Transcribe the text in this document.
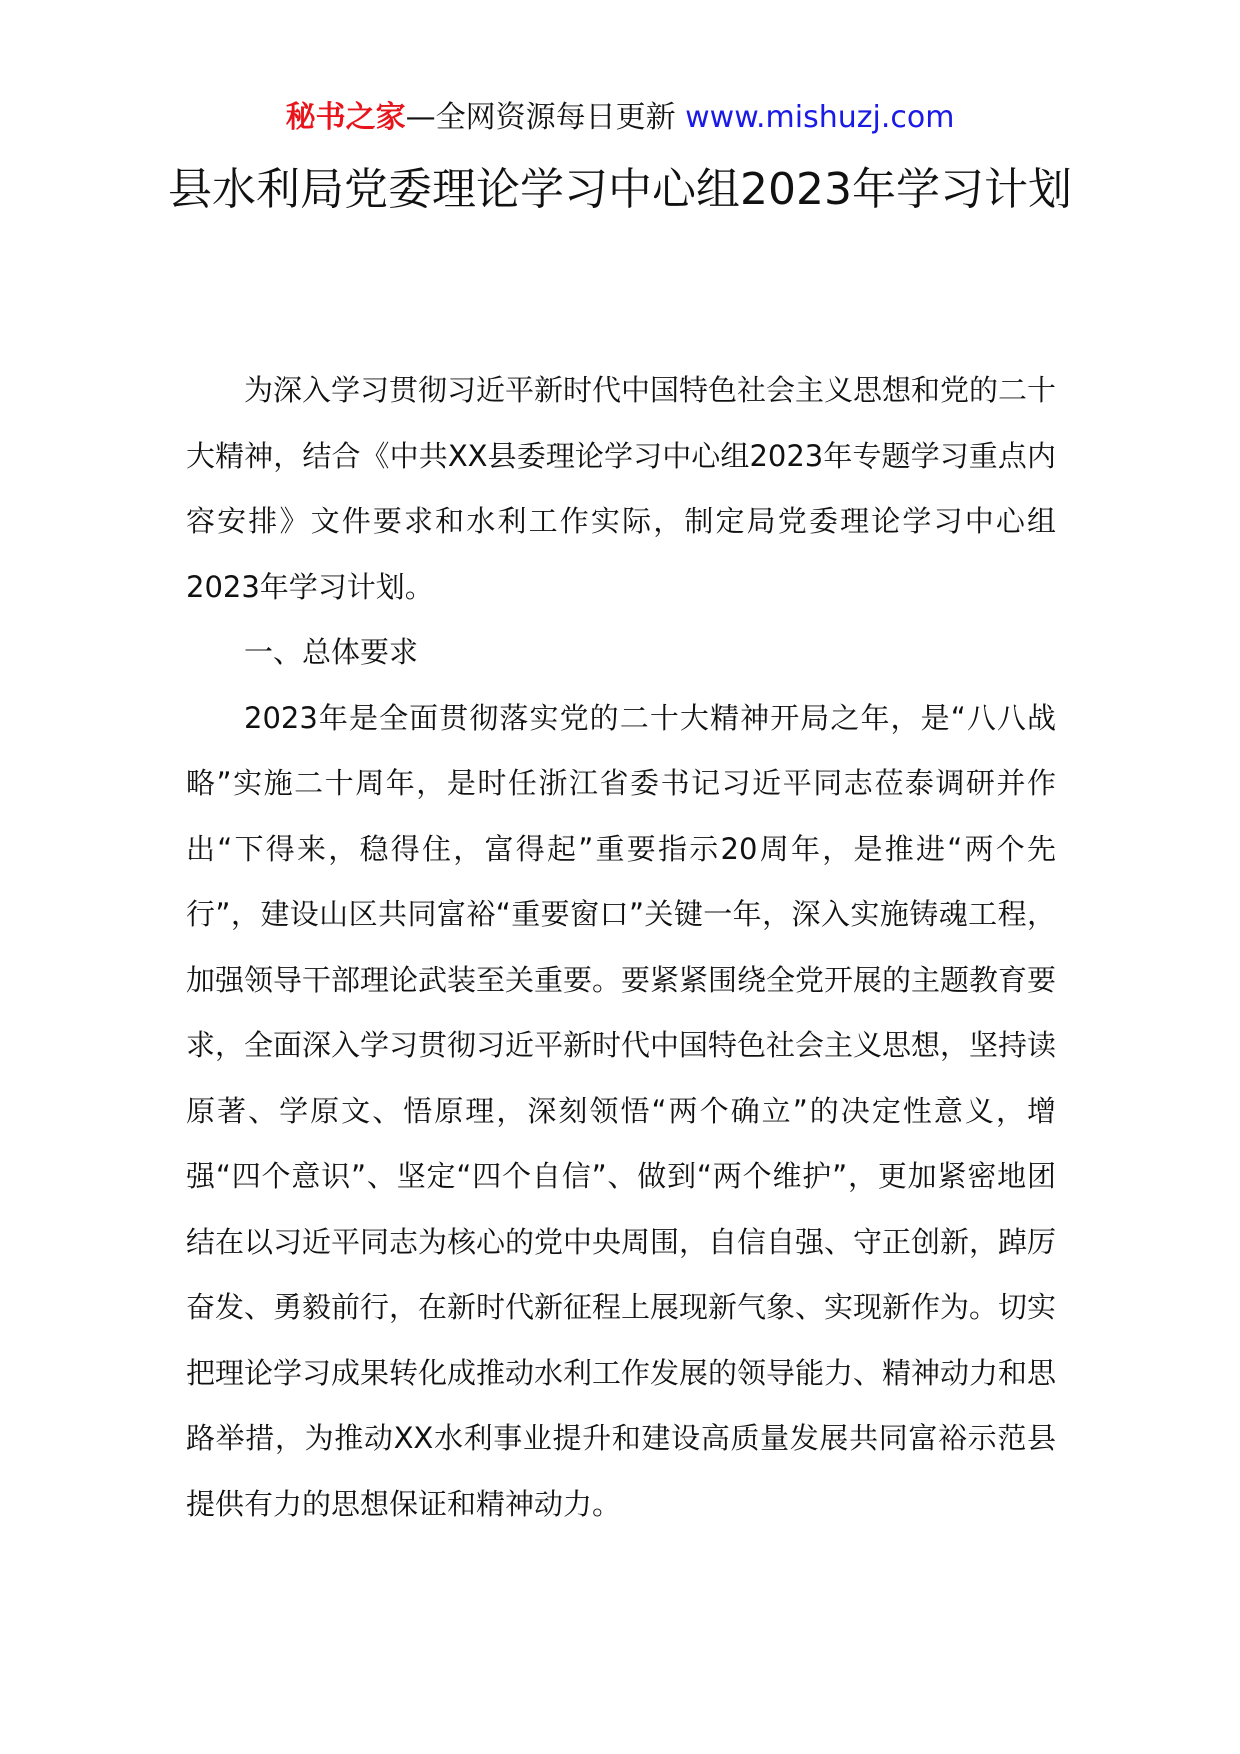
秘书之家—全网资源每日更新 www.mishuzj.com
县水利局党委理论学习中心组2023年学习计划

为深入学习贯彻习近平新时代中国特色社会主义思想和党的二十大精神，结合《中共XX县委理论学习中心组2023年专题学习重点内容安排》文件要求和水利工作实际，制定局党委理论学习中心组2023年学习计划。

一、总体要求

2023年是全面贯彻落实党的二十大精神开局之年，是“八八战略”实施二十周年，是时任浙江省委书记习近平同志莅泰调研并作出“下得来，稳得住，富得起”重要指示20周年，是推进“两个先行”，建设山区共同富裕“重要窗口”关键一年，深入实施铸魂工程，加强领导干部理论武装至关重要。要紧紧围绕全党开展的主题教育要求，全面深入学习贯彻习近平新时代中国特色社会主义思想，坚持读原著、学原文、悟原理，深刻领悟“两个确立”的决定性意义，增强“四个意识”、坚定“四个自信”、做到“两个维护”，更加紧密地团结在以习近平同志为核心的党中央周围，自信自强、守正创新，踔厉奋发、勇毅前行，在新时代新征程上展现新气象、实现新作为。切实把理论学习成果转化成推动水利工作发展的领导能力、精神动力和思路举措，为推动XX水利事业提升和建设高质量发展共同富裕示范县提供有力的思想保证和精神动力。
